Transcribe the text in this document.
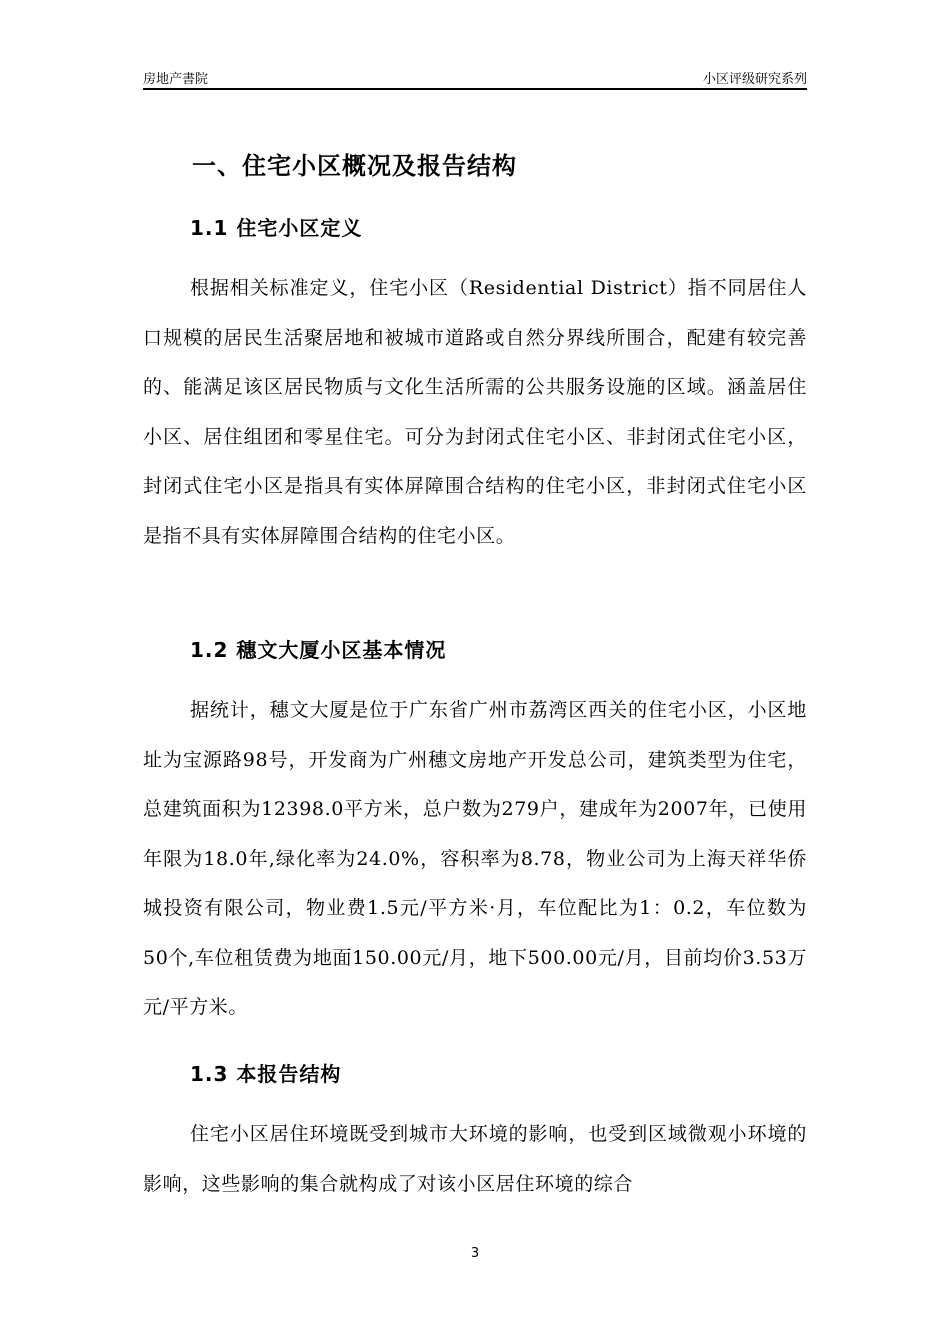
房地产書院	小区评级研究系列
一、住宅小区概况及报告结构
1.1 住宅小区定义
根据相关标准定义，住宅小区（Residential District）指不同居住人口规模的居民生活聚居地和被城市道路或自然分界线所围合，配建有较完善的、能满足该区居民物质与文化生活所需的公共服务设施的区域。涵盖居住小区、居住组团和零星住宅。可分为封闭式住宅小区、非封闭式住宅小区，封闭式住宅小区是指具有实体屏障围合结构的住宅小区，非封闭式住宅小区是指不具有实体屏障围合结构的住宅小区。
1.2 穗文大厦小区基本情况
据统计，穗文大厦是位于广东省广州市荔湾区西关的住宅小区，小区地址为宝源路98号，开发商为广州穗文房地产开发总公司，建筑类型为住宅，总建筑面积为12398.0平方米，总户数为279户，建成年为2007年，已使用年限为18.0年,绿化率为24.0%，容积率为8.78，物业公司为上海天祥华侨城投资有限公司，物业费1.5元/平方米·月，车位配比为1：0.2，车位数为50个,车位租赁费为地面150.00元/月，地下500.00元/月，目前均价3.53万元/平方米。
1.3 本报告结构
住宅小区居住环境既受到城市大环境的影响，也受到区域微观小环境的影响，这些影响的集合就构成了对该小区居住环境的综合
3
